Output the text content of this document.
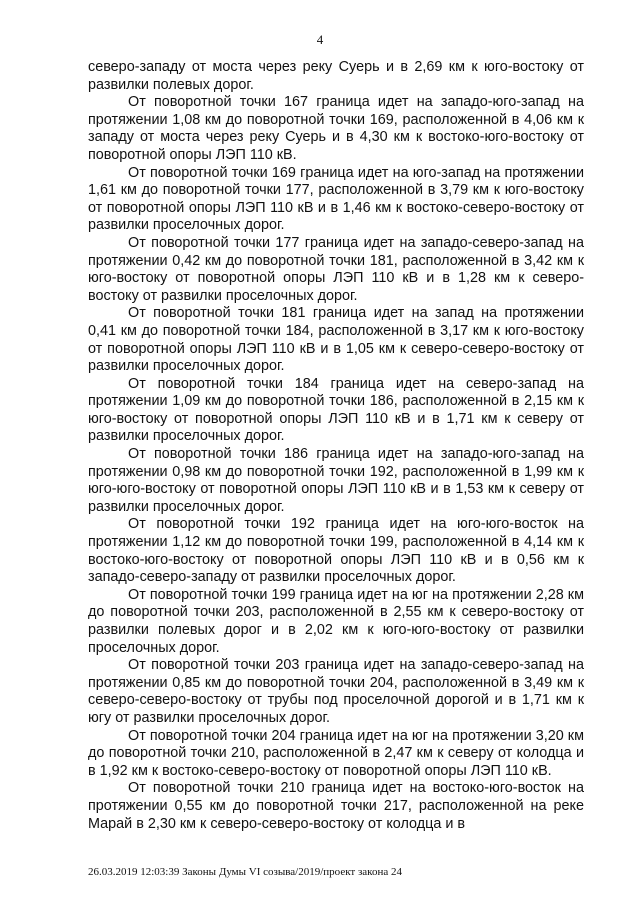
4

северо-западу от моста через реку Суерь и в 2,69 км к юго-востоку от развилки полевых дорог.

От поворотной точки 167 граница идет на западо-юго-запад на протяжении 1,08 км до поворотной точки 169, расположенной в 4,06 км к западу от моста через реку Суерь и в 4,30 км к востоко-юго-востоку от поворотной опоры ЛЭП 110 кВ.

От поворотной точки 169 граница идет на юго-запад на протяжении 1,61 км до поворотной точки 177, расположенной в 3,79 км к юго-востоку от поворотной опоры ЛЭП 110 кВ и в 1,46 км к востоко-северо-востоку от развилки проселочных дорог.

От поворотной точки 177 граница идет на западо-северо-запад на протяжении 0,42 км до поворотной точки 181, расположенной в 3,42 км к юго-востоку от поворотной опоры ЛЭП 110 кВ и в 1,28 км к северо-востоку от развилки проселочных дорог.

От поворотной точки 181 граница идет на запад на протяжении 0,41 км до поворотной точки 184, расположенной в 3,17 км к юго-востоку от поворотной опоры ЛЭП 110 кВ и в 1,05 км к северо-северо-востоку от развилки проселочных дорог.

От поворотной точки 184 граница идет на северо-запад на протяжении 1,09 км до поворотной точки 186, расположенной в 2,15 км к юго-востоку от поворотной опоры ЛЭП 110 кВ и в 1,71 км к северу от развилки проселочных дорог.

От поворотной точки 186 граница идет на западо-юго-запад на протяжении 0,98 км до поворотной точки 192, расположенной в 1,99 км к юго-юго-востоку от поворотной опоры ЛЭП 110 кВ и в 1,53 км к северу от развилки проселочных дорог.

От поворотной точки 192 граница идет на юго-юго-восток на протяжении 1,12 км до поворотной точки 199, расположенной в 4,14 км к востоко-юго-востоку от поворотной опоры ЛЭП 110 кВ и в 0,56 км к западо-северо-западу от развилки проселочных дорог.

От поворотной точки 199 граница идет на юг на протяжении 2,28 км до поворотной точки 203, расположенной в 2,55 км к северо-востоку от развилки полевых дорог и в 2,02 км к юго-юго-востоку от развилки проселочных дорог.

От поворотной точки 203 граница идет на западо-северо-запад на протяжении 0,85 км до поворотной точки 204, расположенной в 3,49 км к северо-северо-востоку от трубы под проселочной дорогой и в 1,71 км к югу от развилки проселочных дорог.

От поворотной точки 204 граница идет на юг на протяжении 3,20 км до поворотной точки 210, расположенной в 2,47 км к северу от колодца и в 1,92 км к востоко-северо-востоку от поворотной опоры ЛЭП 110 кВ.

От поворотной точки 210 граница идет на востоко-юго-восток на протяжении 0,55 км до поворотной точки 217, расположенной на реке Марай в 2,30 км к северо-северо-востоку от колодца и в

26.03.2019 12:03:39 Законы Думы VI созыва/2019/проект закона 24
